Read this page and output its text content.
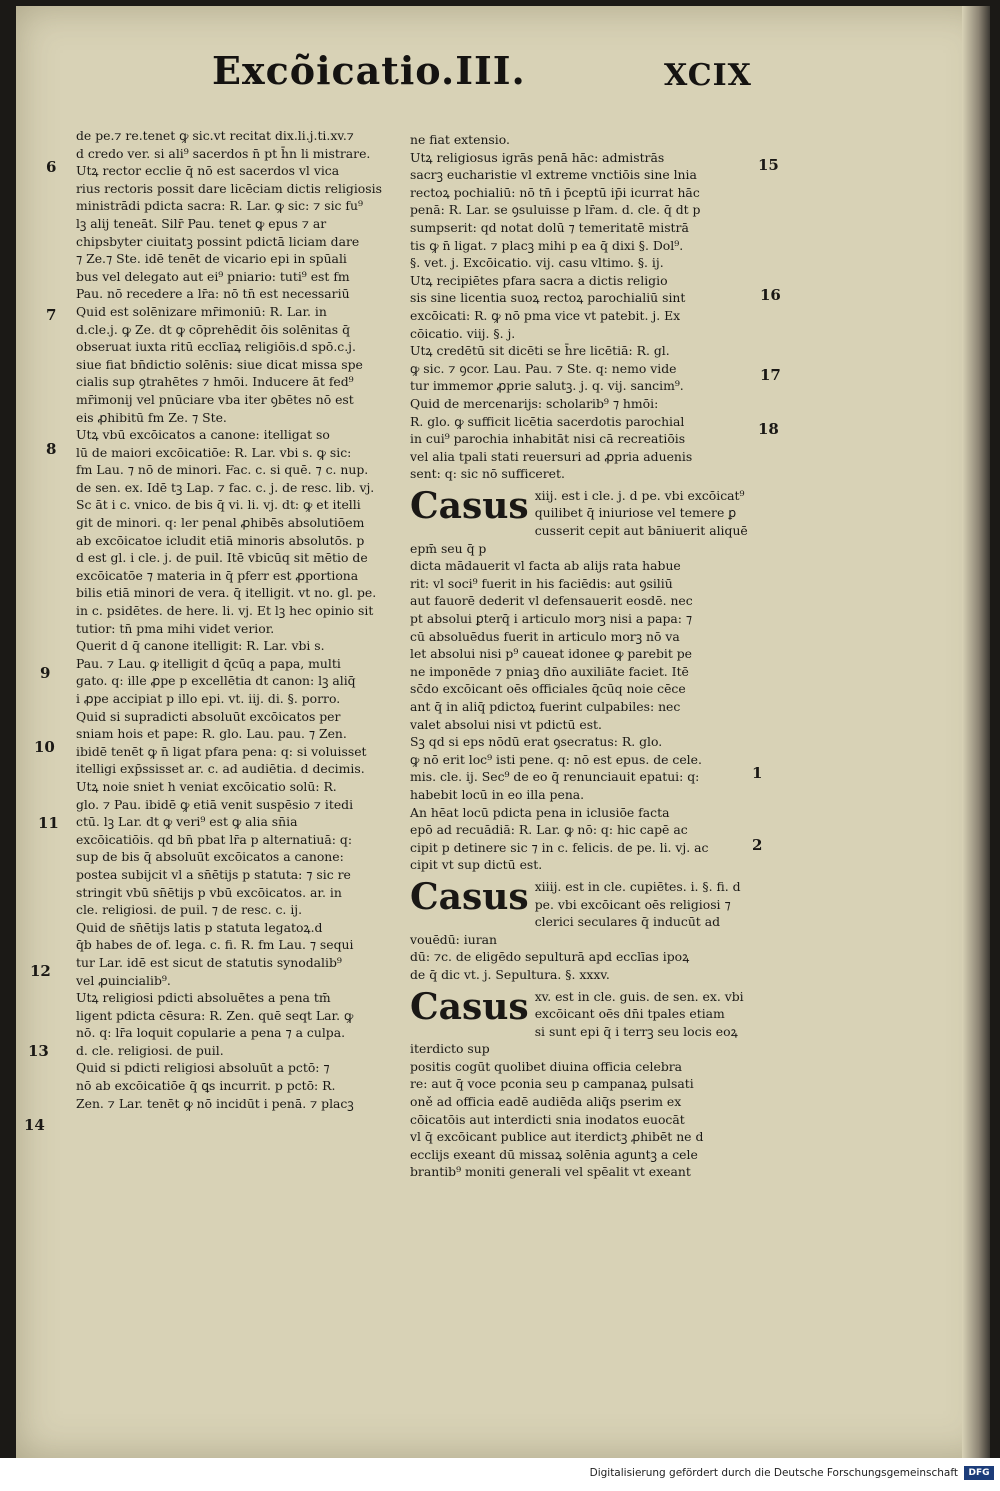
Excõicatio.III.	XCIX
6
7
8
9
10
11
12
13
14
15
16
17
18
1
2

de pe.⁊ re.tenet ꝙ sic.vt recitat dix.li.j.ti.xv.⁊
d credo ver. si ali⁹ sacerdos n̄ pt h̄n li mistrare.

Utꝝ rector ecclie q̄ nō est sacerdos vl vica
rius rectoris possit dare licēciam dictis religiosis
ministrādi pdicta sacra: R. Lar. ꝙ sic: ⁊ sic fu⁹
lꝫ alij teneāt. Silr̄ Pau. tenet ꝙ epus ⁊ ar
chipsbyter ciuitatꝫ possint pdictā liciam dare
⁊ Ze.⁊ Ste. idē tenēt de vicario epi in spūali
bus vel delegato aut ei⁹ pniario: tuti⁹ est fm
Pau. nō recedere a lr̄a: nō tn̄ est necessariū

Quid est solēnizare mr̄imoniū: R. Lar. in
d.cle.j. ꝙ Ze. dt ꝙ cōprehēdit ōis solēnitas q̄
obseruat iuxta ritū ecclīaꝝ religiōis.d spō.c.j.
siue fiat bn̄dictio solēnis: siue dicat missa spe
cialis sup ꝯtrahētes ⁊ hmōi. Inducere āt fed⁹
mr̄imonij vel pnūciare vba iter ꝯbētes nō est
eis ꝓhibitū fm Ze. ⁊ Ste.

Utꝝ vbū excōicatos a canone: itelligat so
lū de maiori excōicatiōe: R. Lar. vbi s. ꝙ sic:
fm Lau. ⁊ nō de minori. Fac. c. si quē. ⁊ c. nup.
de sen. ex. Idē tꝫ Lap. ⁊ fac. c. j. de resc. lib. vj.
Sc āt i c. vnico. de bis q̄ vi. li. vj. dt: ꝙ et itelli
git de minori. q: ler penal ꝓhibēs absolutiōem
ab excōicatoe icludit etiā minoris absolutōs. p
d est gl. i cle. j. de puil. Itē vbicūq sit mētio de
excōicatōe ⁊ materia in q̄ pferr est ꝓportiona
bilis etiā minori de vera. q̄ itelligit. vt no. gl. pe.
in c. psidētes. de here. li. vj. Et lꝫ hec opinio sit
tutior: tn̄ pma mihi videt verior.

Querit d q̄ canone itelligit: R. Lar. vbi s.
Pau. ⁊ Lau. ꝙ itelligit d q̄cūq a papa, multi
gato. q: ille ꝓpe p excellētia dt canon: lꝫ aliq̄
i ꝓpe accipiat p illo epi. vt. iij. di. §. porro.

Quid si supradicti absoluūt excōicatos per
sniam hois et pape: R. glo. Lau. pau. ⁊ Zen.
ibidē tenēt ꝙ n̄ ligat pfara pena: q: si voluisset
itelligi exp̄ssisset ar. c. ad audiētia. d decimis.

Utꝝ noie sniet h veniat excōicatio solū: R.
glo. ⁊ Pau. ibidē ꝙ etiā venit suspēsio ⁊ itedi
ctū. lꝫ Lar. dt ꝙ veri⁹ est ꝙ alia sn̄ia
excōicatiōis. qd bn̄ pbat lr̄a p alternatiuā: q:
sup de bis q̄ absoluūt excōicatos a canone:
postea subijcit vl a sn̄ētijs p statuta: ⁊ sic re
stringit vbū sn̄ētijs p vbū excōicatos. ar. in
cle. religiosi. de puil. ⁊ de resc. c. ij.

Quid de sn̄ētijs latis p statuta legatoꝝ.d
q̄b habes de of. lega. c. fi. R. fm Lau. ⁊ sequi
tur Lar. idē est sicut de statutis synodalib⁹
vel ꝓuincialib⁹.

Utꝝ religiosi pdicti absoluētes a pena tm̄
ligent pdicta cēsura: R. Zen. quē seqt Lar. ꝙ
nō. q: lr̄a loquit copularie a pena ⁊ a culpa.
d. cle. religiosi. de puil.

Quid si pdicti religiosi absoluūt a pctō: ⁊
nō ab excōicatiōe q̄ ꝗs incurrit. p pctō: R.
Zen. ⁊ Lar. tenēt ꝙ nō incidūt i penā. ⁊ placꝫ

ne fiat extensio.

Utꝝ religiosus igrās penā hāc: admistrās
sacrꝫ eucharistie vl extreme vnctiōis sine lnia
rectoꝝ pochialiū: nō tn̄ i p̄ceptū ip̄i icurrat hāc
penā: R. Lar. se ꝯsuluisse p lr̄am. d. cle. q̄ dt p
sumpserit: qd notat dolū ⁊ temeritatē mistrā
tis ꝙ n̄ ligat. ⁊ placꝫ mihi p ea q̄ dixi §. Dol⁹.
§. vet. j. Excōicatio. vij. casu vltimo. §. ij.

Utꝝ recipiētes pfara sacra a dictis religio
sis sine licentia suoꝝ rectoꝝ parochialiū sint
excōicati: R. ꝙ nō pma vice vt patebit. j. Ex
cōicatio. viij. §. j.

Utꝝ credētū sit dicēti se h̄re licētiā: R. gl.
ꝙ sic. ⁊ ꝯcor. Lau. Pau. ⁊ Ste. q: nemo vide
tur immemor ꝓprie salutꝫ. j. q. vij. sancim⁹.

Quid de mercenarijs: scholarib⁹ ⁊ hmōi:
R. glo. ꝙ sufficit licētia sacerdotis parochial
in cui⁹ parochia inhabitāt nisi cā recreatiōis
vel alia tpali stati reuersuri ad ꝓpria aduenis
sent: q: sic nō sufficeret.

Casus xiij. est i cle. j. d pe. vbi excōicat⁹
quilibet q̄ iniuriose vel temere ꝑ
cusserit cepit aut bāniuerit aliquē epm̄ seu q̄ p
dicta mādauerit vl facta ab alijs rata habue
rit: vl soci⁹ fuerit in his faciēdis: aut ꝯsiliū
aut fauorē dederit vl defensauerit eosdē. nec
pt absolui ꝑterq̄ i articulo morꝫ nisi a papa: ⁊
cū absoluēdus fuerit in articulo morꝫ nō va
let absolui nisi p⁹ caueat idonee ꝙ parebit pe
ne imponēde ⁊ pniaꝫ dn̄o auxiliāte faciet. Itē
sc̄do excōicant oēs officiales q̄cūq noie cēce
ant q̄ in aliq̄ pdictoꝝ fuerint culpabiles: nec
valet absolui nisi vt pdictū est.

Sꝫ qd si eps nōdū erat ꝯsecratus: R. glo.
ꝙ nō erit loc⁹ isti pene. q: nō est epus. de cele.
mis. cle. ij. Sec⁹ de eo q̄ renunciauit epatui: q:
habebit locū in eo illa pena.

An hēat locū pdicta pena in iclusiōe facta
epō ad recuādiā: R. Lar. ꝙ nō: q: hic capē ac
cipit p detinere sic ⁊ in c. felicis. de pe. li. vj. ac
cipit vt sup dictū est.

Casus xiiij. est in cle. cupiētes. i. §. fi. d
pe. vbi excōicant oēs religiosi ⁊
clerici seculares q̄ inducūt ad vouēdū: iuran
dū: ⁊c. de eligēdo sepulturā apd ecclīas ipoꝝ
de q̄ dic vt. j. Sepultura. §. xxxv.
Casus xv. est in cle. guis. de sen. ex. vbi
excōicant oēs dn̄i tpales etiam
si sunt epi q̄ i terrꝫ seu locis eoꝝ iterdicto sup
positis cogūt quolibet diuina officia celebra
re: aut q̄ voce pconia seu p campanaꝝ pulsati
oně ad officia eadē audiēda aliq̄s pserim ex
cōicatōis aut interdicti snia inodatos euocāt
vl q̄ excōicant publice aut iterdictꝫ ꝓhibēt ne d
ecclijs exeant dū missaꝝ solēnia aguntꝫ a cele
brantib⁹ moniti generali vel spēalit vt exeant
Digitalisierung gefördert durch die Deutsche Forschungsgemeinschaft	DFG
